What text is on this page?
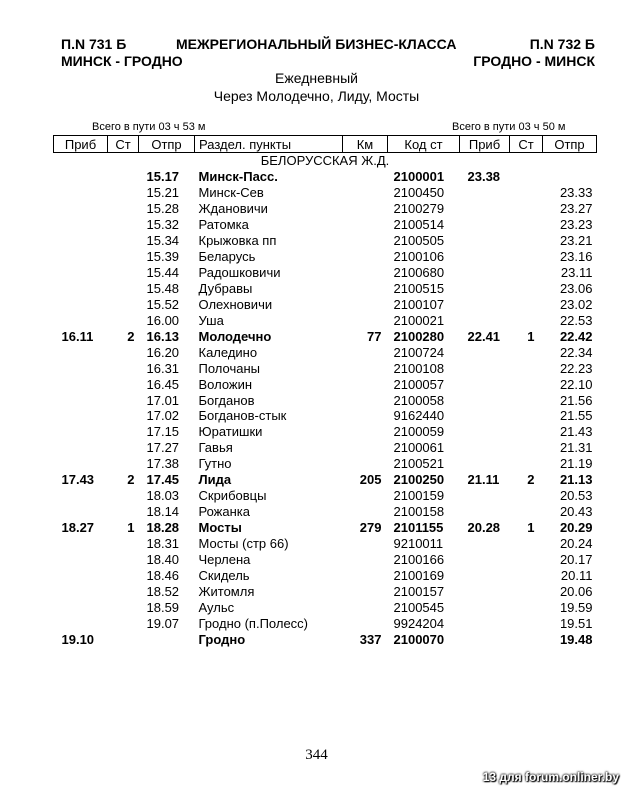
П.N 731 Б	МЕЖРЕГИОНАЛЬНЫЙ БИЗНЕС-КЛАССА	П.N 732 Б
МИНСК - ГРОДНО	ГРОДНО - МИНСК
Ежедневный
Через Молодечно, Лиду, Мосты
Всего в пути 03 ч 53 м	Всего в пути 03 ч 50 м
Приб	Ст	Отпр	Раздел. пункты	Км	Код ст	Приб	Ст	Отпр
БЕЛОРУССКАЯ Ж.Д.								
		15.17	Минск-Пасс.		2100001	23.38		
		15.21	Минск-Сев		2100450			23.33
		15.28	Ждановичи		2100279			23.27
		15.32	Ратомка		2100514			23.23
		15.34	Крыжовка пп		2100505			23.21
		15.39	Беларусь		2100106			23.16
		15.44	Радошковичи		2100680			23.11
		15.48	Дубравы		2100515			23.06
		15.52	Олехновичи		2100107			23.02
		16.00	Уша		2100021			22.53
16.11	2	16.13	Молодечно	77	2100280	22.41	1	22.42
		16.20	Каледино		2100724			22.34
		16.31	Полочаны		2100108			22.23
		16.45	Воложин		2100057			22.10
		17.01	Богданов		2100058			21.56
		17.02	Богданов-стык		9162440			21.55
		17.15	Юратишки		2100059			21.43
		17.27	Гавья		2100061			21.31
		17.38	Гутно		2100521			21.19
17.43	2	17.45	Лида	205	2100250	21.11	2	21.13
		18.03	Скрибовцы		2100159			20.53
		18.14	Рожанка		2100158			20.43
18.27	1	18.28	Мосты	279	2101155	20.28	1	20.29
		18.31	Мосты (стр 66)		9210011			20.24
		18.40	Черлена		2100166			20.17
		18.46	Скидель		2100169			20.11
		18.52	Житомля		2100157			20.06
		18.59	Аульс		2100545			19.59
		19.07	Гродно (п.Полесс)		9924204			19.51
19.10			Гродно	337	2100070			19.48
344
13 для forum.onliner.by
